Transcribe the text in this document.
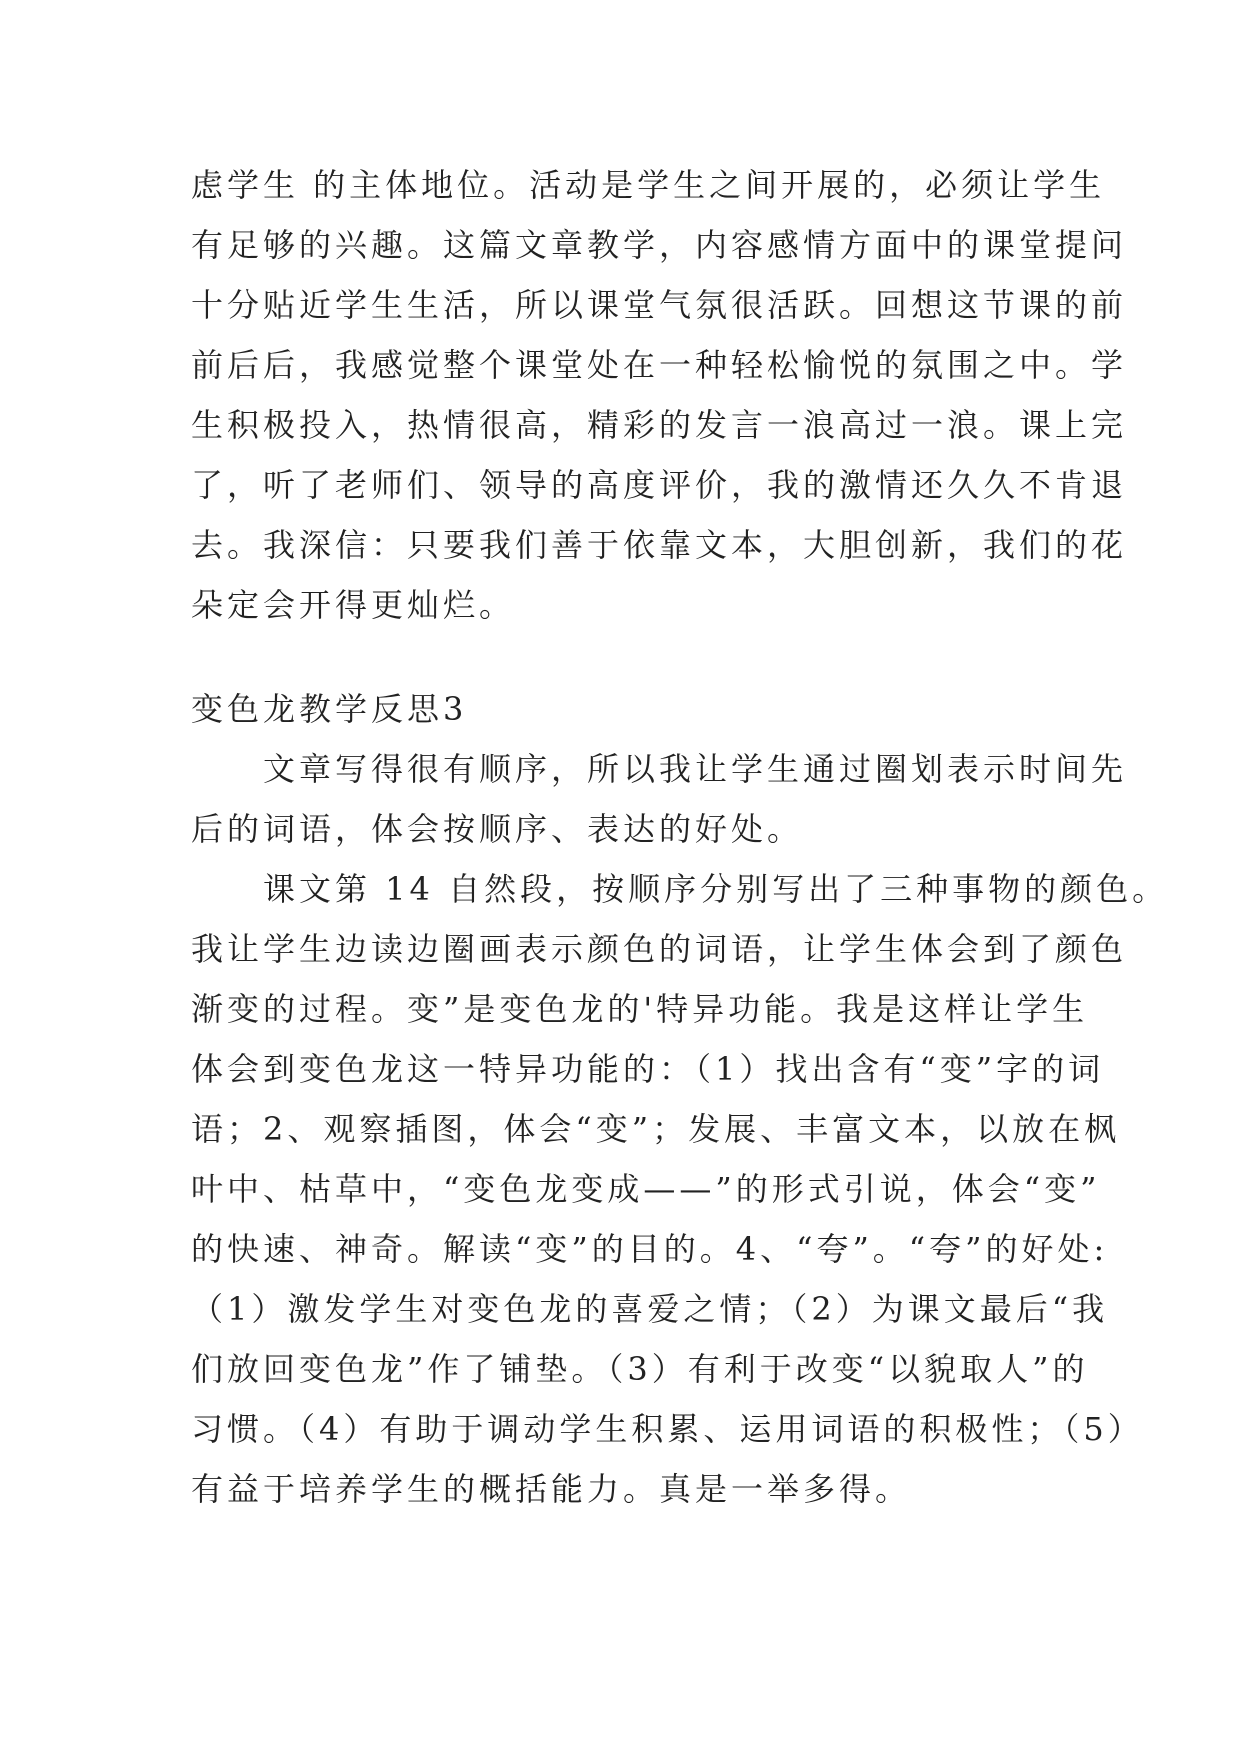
虑学生 的主体地位。活动是学生之间开展的，必须让学生
有足够的兴趣。这篇文章教学，内容感情方面中的课堂提问
十分贴近学生生活，所以课堂气氛很活跃。回想这节课的前
前后后，我感觉整个课堂处在一种轻松愉悦的氛围之中。学
生积极投入，热情很高，精彩的发言一浪高过一浪。课上完
了，听了老师们、领导的高度评价，我的激情还久久不肯退
去。我深信：只要我们善于依靠文本，大胆创新，我们的花
朵定会开得更灿烂。
变色龙教学反思3
　　文章写得很有顺序，所以我让学生通过圈划表示时间先
后的词语，体会按顺序、表达的好处。
　　课文第 14 自然段，按顺序分别写出了三种事物的颜色。
我让学生边读边圈画表示颜色的词语，让学生体会到了颜色
渐变的过程。变”是变色龙的'特异功能。我是这样让学生
体会到变色龙这一特异功能的：（1）找出含有“变”字的词
语；2、观察插图，体会“变”；发展、丰富文本，以放在枫
叶中、枯草中，“变色龙变成——”的形式引说，体会“变”
的快速、神奇。解读“变”的目的。4、“夸”。“夸”的好处:
（1）激发学生对变色龙的喜爱之情；（2）为课文最后“我
们放回变色龙”作了铺垫。（3）有利于改变“以貌取人”的
习惯。（4）有助于调动学生积累、运用词语的积极性；（5）
有益于培养学生的概括能力。真是一举多得。
